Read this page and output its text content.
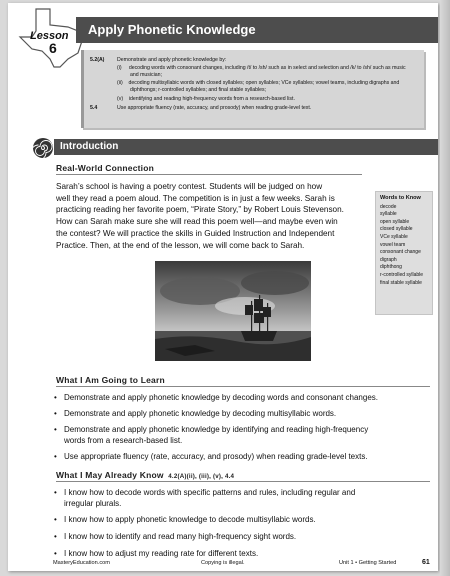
Lesson
6
Apply Phonetic Knowledge
5.2(A) Demonstrate and apply phonetic knowledge by:
(i)     decoding words with consonant changes, including /t/ to /sh/ such as in select and selection and /k/ to /sh/ such as music
and musician;
(ii)    decoding multisyllabic words with closed syllables; open syllables; VCe syllables; vowel teams, including digraphs and
diphthongs; r-controlled syllables; and final stable syllables;
(v)    identifying and reading high-frequency words from a research-based list.
5.4	Use appropriate fluency (rate, accuracy, and prosody) when reading grade-level text.
Introduction
Real-World Connection
Sarah’s school is having a poetry contest. Students will be judged on how
well they read a poem aloud. The competition is in just a few weeks. Sarah is
practicing reading her favorite poem, “Pirate Story,” by Robert Louis Stevenson.
How can Sarah make sure she will read this poem well—and maybe even win
the contest? We will practice the skills in Guided Instruction and Independent
Practice. Then, at the end of the lesson, we will come back to Sarah.
Words to Know
decode
syllable
open syllable
closed syllable
VCe syllable
vowel team
consonant change
digraph
diphthong
r-controlled syllable
final stable syllable
What I Am Going to Learn
• Demonstrate and apply phonetic knowledge by decoding words and consonant changes.
• Demonstrate and apply phonetic knowledge by decoding multisyllabic words.
• Demonstrate and apply phonetic knowledge by identifying and reading high-frequency
words from a research-based list.
• Use appropriate fluency (rate, accuracy, and prosody) when reading grade-level texts.
What I May Already Know 4.2(A)(ii), (iii), (v), 4.4
• I know how to decode words with specific patterns and rules, including regular and
irregular plurals.
• I know how to apply phonetic knowledge to decode multisyllabic words.
• I know how to identify and read many high-frequency sight words.
• I know how to adjust my reading rate for different texts.
MasteryEducation.com	Copying is illegal.	Unit 1 • Getting Started	61
